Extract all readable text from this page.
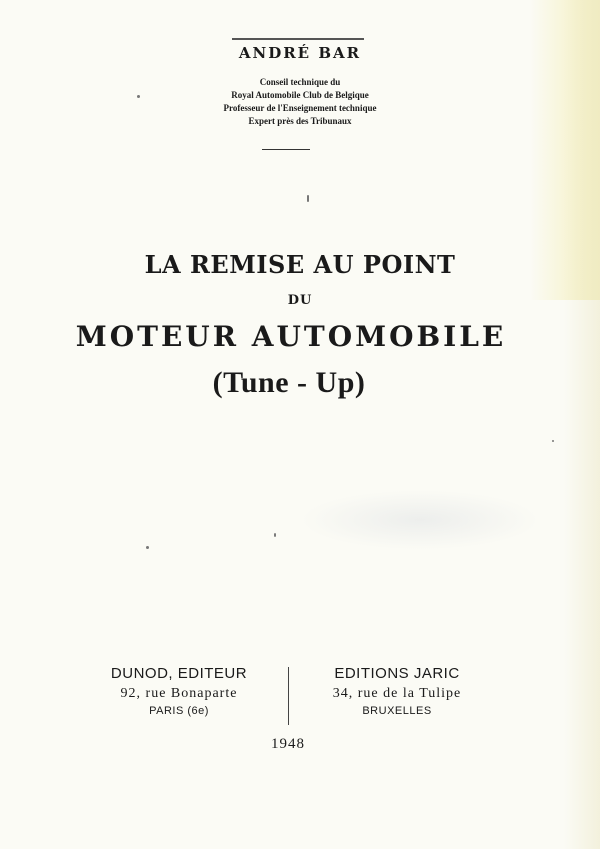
ANDRÉ BAR
Conseil technique du
Royal Automobile Club de Belgique
Professeur de l'Enseignement technique
Expert près des Tribunaux
LA REMISE AU POINT
DU
MOTEUR AUTOMOBILE
(Tune - Up)
DUNOD, EDITEUR
92, rue Bonaparte
PARIS (6e)
EDITIONS JARIC
34, rue de la Tulipe
BRUXELLES
1948
